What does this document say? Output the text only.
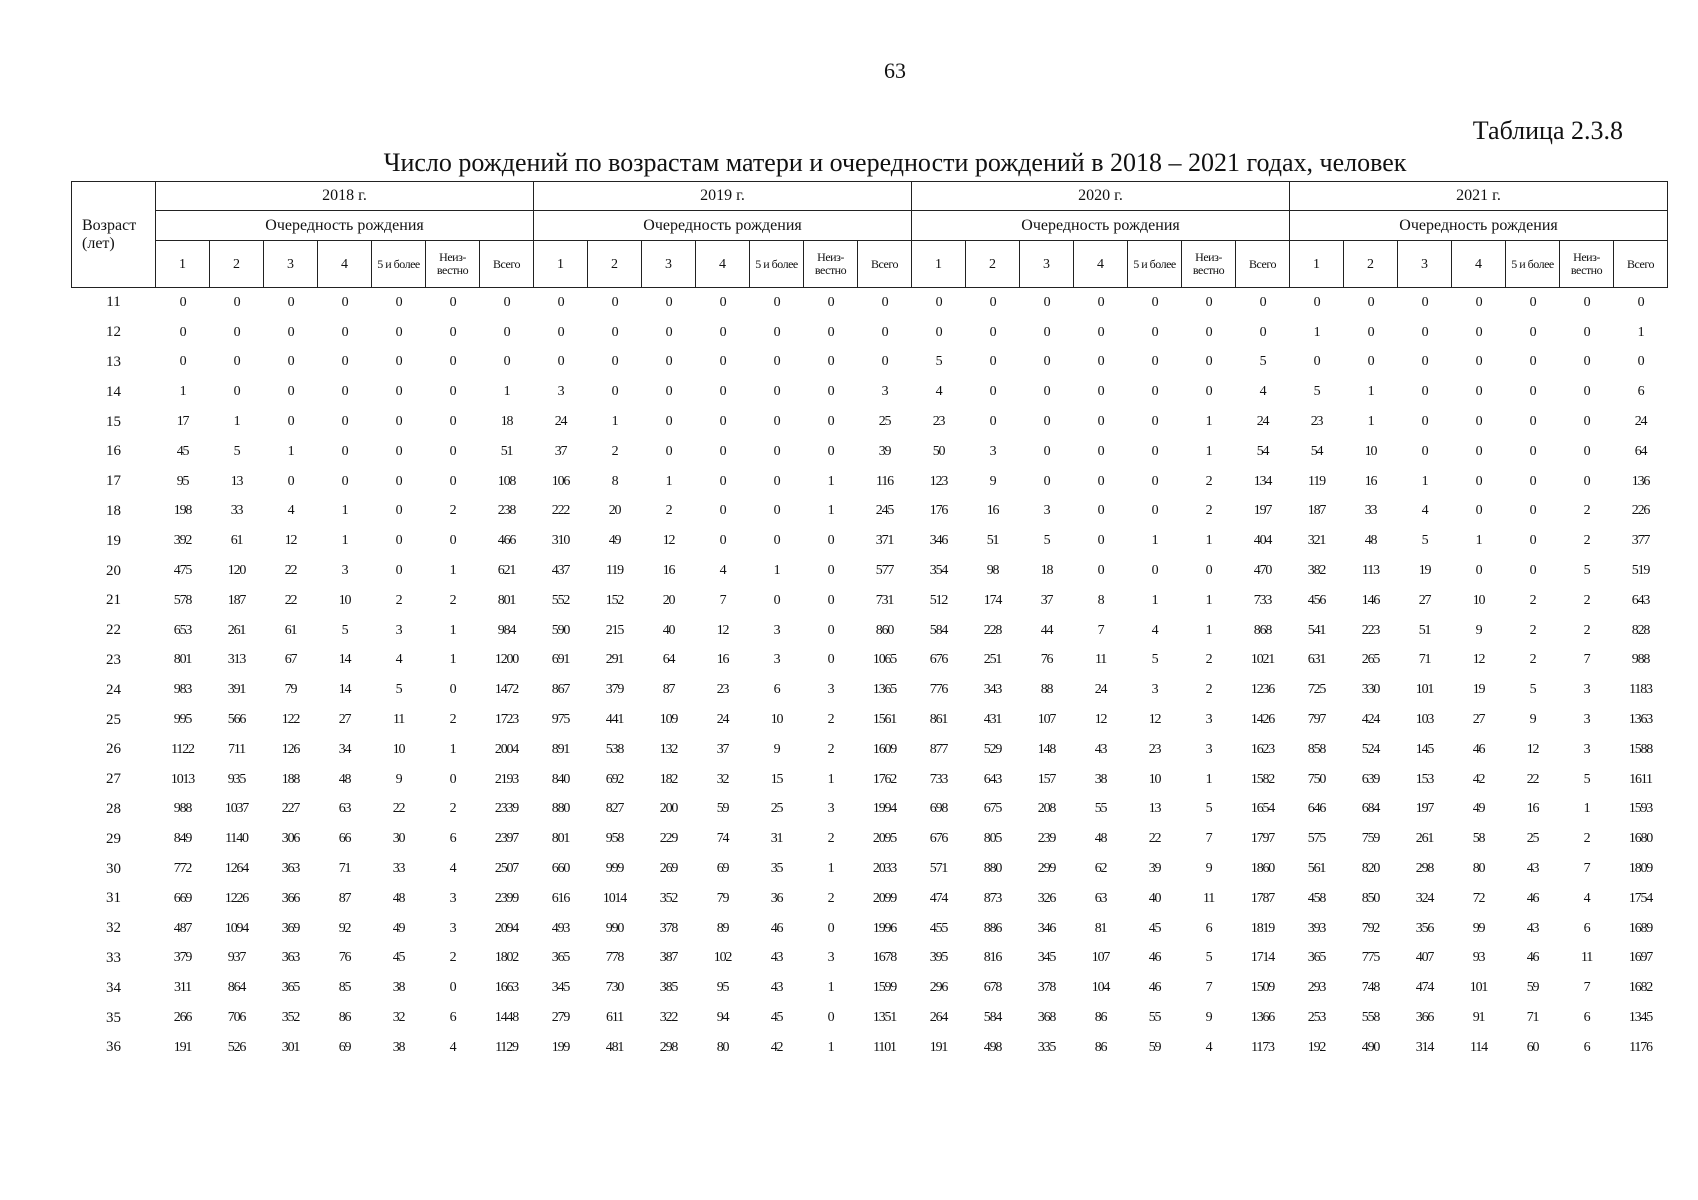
63
Таблица 2.3.8
Число рождений по возрастам матери и очередности рождений в 2018 – 2021 годах, человек
Возраст (лет)	2018 г.							2019 г.							2020 г.							2021 г.						
	Очередность рождения							Очередность рождения							Очередность рождения							Очередность рождения						
	1	2	3	4	5 и более	Неиз-вестно	Всего	1	2	3	4	5 и более	Неиз-вестно	Всего	1	2	3	4	5 и более	Неиз-вестно	Всего	1	2	3	4	5 и более	Неиз-вестно	Всего
11	0	0	0	0	0	0	0	0	0	0	0	0	0	0	0	0	0	0	0	0	0	0	0	0	0	0	0	0
12	0	0	0	0	0	0	0	0	0	0	0	0	0	0	0	0	0	0	0	0	0	1	0	0	0	0	0	1
13	0	0	0	0	0	0	0	0	0	0	0	0	0	0	5	0	0	0	0	0	5	0	0	0	0	0	0	0
14	1	0	0	0	0	0	1	3	0	0	0	0	0	3	4	0	0	0	0	0	4	5	1	0	0	0	0	6
15	17	1	0	0	0	0	18	24	1	0	0	0	0	25	23	0	0	0	0	1	24	23	1	0	0	0	0	24
16	45	5	1	0	0	0	51	37	2	0	0	0	0	39	50	3	0	0	0	1	54	54	10	0	0	0	0	64
17	95	13	0	0	0	0	108	106	8	1	0	0	1	116	123	9	0	0	0	2	134	119	16	1	0	0	0	136
18	198	33	4	1	0	2	238	222	20	2	0	0	1	245	176	16	3	0	0	2	197	187	33	4	0	0	2	226
19	392	61	12	1	0	0	466	310	49	12	0	0	0	371	346	51	5	0	1	1	404	321	48	5	1	0	2	377
20	475	120	22	3	0	1	621	437	119	16	4	1	0	577	354	98	18	0	0	0	470	382	113	19	0	0	5	519
21	578	187	22	10	2	2	801	552	152	20	7	0	0	731	512	174	37	8	1	1	733	456	146	27	10	2	2	643
22	653	261	61	5	3	1	984	590	215	40	12	3	0	860	584	228	44	7	4	1	868	541	223	51	9	2	2	828
23	801	313	67	14	4	1	1200	691	291	64	16	3	0	1065	676	251	76	11	5	2	1021	631	265	71	12	2	7	988
24	983	391	79	14	5	0	1472	867	379	87	23	6	3	1365	776	343	88	24	3	2	1236	725	330	101	19	5	3	1183
25	995	566	122	27	11	2	1723	975	441	109	24	10	2	1561	861	431	107	12	12	3	1426	797	424	103	27	9	3	1363
26	1122	711	126	34	10	1	2004	891	538	132	37	9	2	1609	877	529	148	43	23	3	1623	858	524	145	46	12	3	1588
27	1013	935	188	48	9	0	2193	840	692	182	32	15	1	1762	733	643	157	38	10	1	1582	750	639	153	42	22	5	1611
28	988	1037	227	63	22	2	2339	880	827	200	59	25	3	1994	698	675	208	55	13	5	1654	646	684	197	49	16	1	1593
29	849	1140	306	66	30	6	2397	801	958	229	74	31	2	2095	676	805	239	48	22	7	1797	575	759	261	58	25	2	1680
30	772	1264	363	71	33	4	2507	660	999	269	69	35	1	2033	571	880	299	62	39	9	1860	561	820	298	80	43	7	1809
31	669	1226	366	87	48	3	2399	616	1014	352	79	36	2	2099	474	873	326	63	40	11	1787	458	850	324	72	46	4	1754
32	487	1094	369	92	49	3	2094	493	990	378	89	46	0	1996	455	886	346	81	45	6	1819	393	792	356	99	43	6	1689
33	379	937	363	76	45	2	1802	365	778	387	102	43	3	1678	395	816	345	107	46	5	1714	365	775	407	93	46	11	1697
34	311	864	365	85	38	0	1663	345	730	385	95	43	1	1599	296	678	378	104	46	7	1509	293	748	474	101	59	7	1682
35	266	706	352	86	32	6	1448	279	611	322	94	45	0	1351	264	584	368	86	55	9	1366	253	558	366	91	71	6	1345
36	191	526	301	69	38	4	1129	199	481	298	80	42	1	1101	191	498	335	86	59	4	1173	192	490	314	114	60	6	1176
